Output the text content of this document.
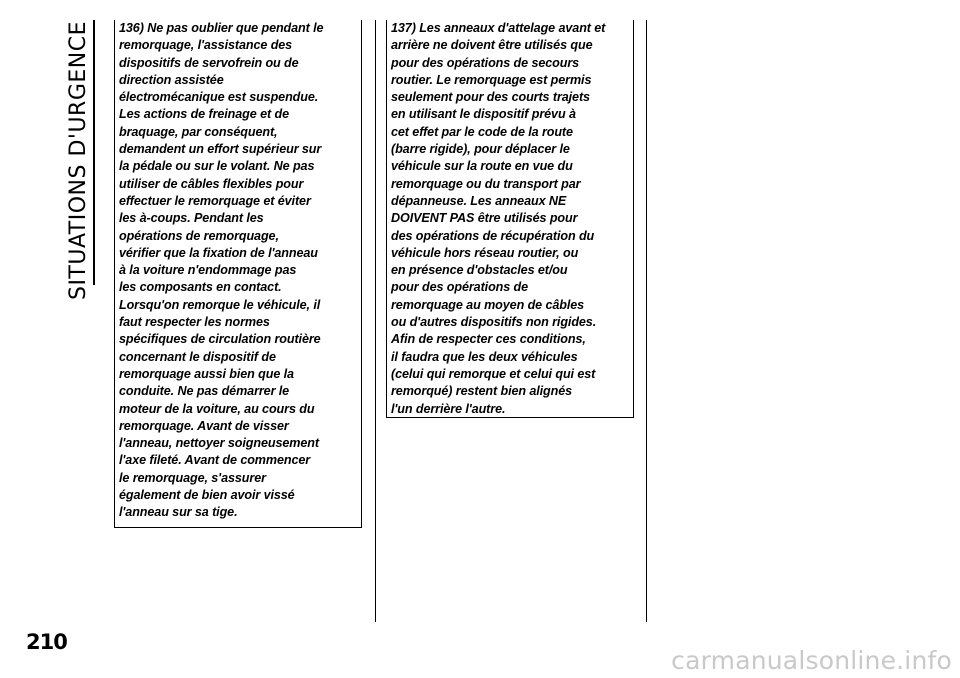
SITUATIONS D'URGENCE 136) Ne pas oublier que pendant le
remorquage, l'assistance des
dispositifs de servofrein ou de
direction assistée
électromécanique est suspendue.
Les actions de freinage et de
braquage, par conséquent,
demandent un effort supérieur sur
la pédale ou sur le volant. Ne pas
utiliser de câbles flexibles pour
effectuer le remorquage et éviter
les à-coups. Pendant les
opérations de remorquage,
vérifier que la fixation de l'anneau
à la voiture n'endommage pas
les composants en contact.
Lorsqu'on remorque le véhicule, il
faut respecter les normes
spécifiques de circulation routière
concernant le dispositif de
remorquage aussi bien que la
conduite. Ne pas démarrer le
moteur de la voiture, au cours du
remorquage. Avant de visser
l'anneau, nettoyer soigneusement
l'axe fileté. Avant de commencer
le remorquage, s'assurer
également de bien avoir vissé
l'anneau sur sa tige.

137) Les anneaux d'attelage avant et
arrière ne doivent être utilisés que
pour des opérations de secours
routier. Le remorquage est permis
seulement pour des courts trajets
en utilisant le dispositif prévu à
cet effet par le code de la route
(barre rigide), pour déplacer le
véhicule sur la route en vue du
remorquage ou du transport par
dépanneuse. Les anneaux NE
DOIVENT PAS être utilisés pour
des opérations de récupération du
véhicule hors réseau routier, ou
en présence d'obstacles et/ou
pour des opérations de
remorquage au moyen de câbles
ou d'autres dispositifs non rigides.
Afin de respecter ces conditions,
il faudra que les deux véhicules
(celui qui remorque et celui qui est
remorqué) restent bien alignés
l'un derrière l'autre.

210
carmanualsonline.info
